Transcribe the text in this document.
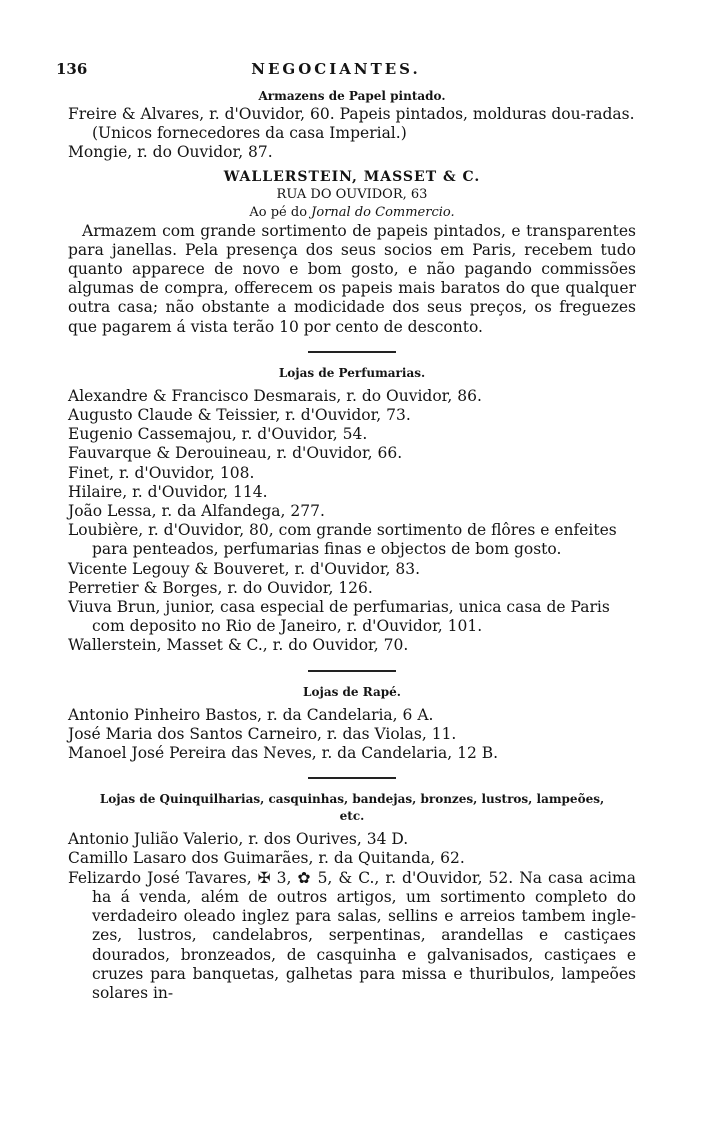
136	NEGOCIANTES.

Armazens de Papel pintado.

Freire & Alvares, r. d'Ouvidor, 60. Papeis pintados, molduras dou-radas. (Unicos fornecedores da casa Imperial.)

Mongie, r. do Ouvidor, 87.

WALLERSTEIN, MASSET & C.

RUA DO OUVIDOR, 63

Ao pé do Jornal do Commercio.

Armazem com grande sortimento de papeis pintados, e transparentes para janellas. Pela presença dos seus socios em Paris, recebem tudo quanto apparece de novo e bom gosto, e não pagando commissões algumas de compra, offerecem os papeis mais baratos do que qualquer outra casa; não obstante a modicidade dos seus preços, os freguezes que pagarem á vista terão 10 por cento de desconto.

Lojas de Perfumarias.

Alexandre & Francisco Desmarais, r. do Ouvidor, 86.

Augusto Claude & Teissier, r. d'Ouvidor, 73.

Eugenio Cassemajou, r. d'Ouvidor, 54.

Fauvarque & Derouineau, r. d'Ouvidor, 66.

Finet, r. d'Ouvidor, 108.

Hilaire, r. d'Ouvidor, 114.

João Lessa, r. da Alfandega, 277.

Loubière, r. d'Ouvidor, 80, com grande sortimento de flôres e enfeites para penteados, perfumarias finas e objectos de bom gosto.

Vicente Legouy & Bouveret, r. d'Ouvidor, 83.

Perretier & Borges, r. do Ouvidor, 126.

Viuva Brun, junior, casa especial de perfumarias, unica casa de Paris com deposito no Rio de Janeiro, r. d'Ouvidor, 101.

Wallerstein, Masset & C., r. do Ouvidor, 70.

Lojas de Rapé.

Antonio Pinheiro Bastos, r. da Candelaria, 6 A.

José Maria dos Santos Carneiro, r. das Violas, 11.

Manoel José Pereira das Neves, r. da Candelaria, 12 B.

Lojas de Quinquilharias, casquinhas, bandejas, bronzes, lustros, lampeões, etc.

Antonio Julião Valerio, r. dos Ourives, 34 D.

Camillo Lasaro dos Guimarães, r. da Quitanda, 62.

Felizardo José Tavares, ✠ 3, ✿ 5, & C., r. d'Ouvidor, 52. Na casa acima ha á venda, além de outros artigos, um sortimento completo do verdadeiro oleado inglez para salas, sellins e arreios tambem ingle-zes, lustros, candelabros, serpentinas, arandellas e castiçaes dourados, bronzeados, de casquinha e galvanisados, castiçaes e cruzes para banquetas, galhetas para missa e thuribulos, lampeões solares in-
